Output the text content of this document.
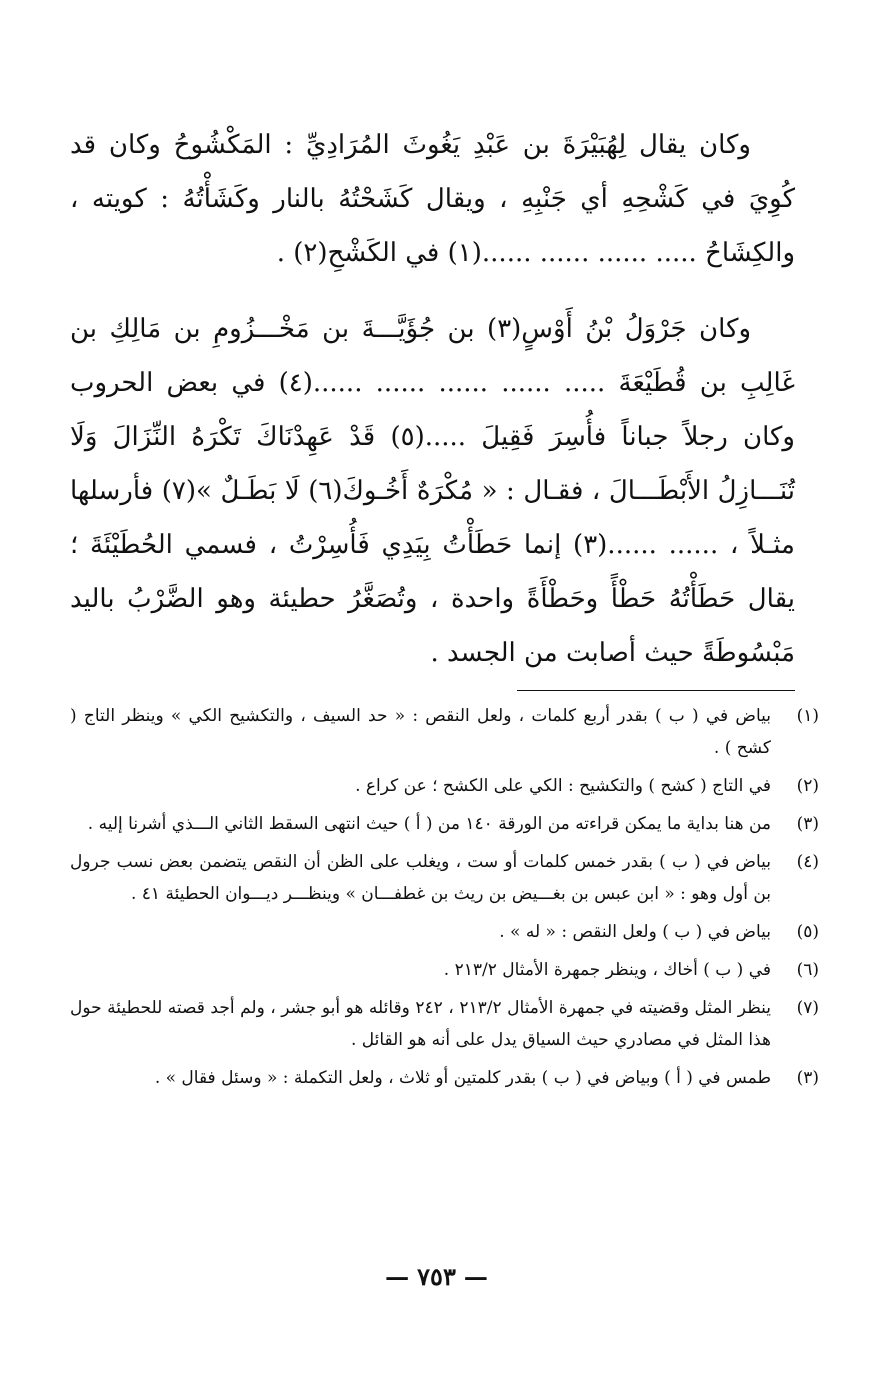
وكان يقال لِهُبَيْرَةَ بن عَبْدِ يَغُوثَ المُرَادِيِّ : المَكْشُوحُ وكان قد كُوِيَ في كَشْحِهِ أي جَنْبِهِ ، ويقال كَشَحْتُهُ بالنار وكَشَأْتُهُ : كويته ، والكِشَاحُ ..... ...... ...... ......(١) في الكَشْحِ(٢) .

وكان جَرْوَلُ بْنُ أَوْسٍ(٣) بن جُؤَيَّـــةَ بن مَخْـــزُومِ بن مَالِكِ بن غَالِبِ بن قُطَيْعَةَ ..... ...... ...... ...... ......(٤) في بعض الحروب وكان رجلاً جباناً فأُسِرَ فَقِيلَ .....(٥) قَدْ عَهِدْنَاكَ تَكْرَهُ النِّزَالَ وَلَا تُنَـــازِلُ الأَبْطَـــالَ ، فقـال : « مُكْرَهٌ أَخُـوكَ(٦) لَا بَطَـلٌ »(٧) فأرسلها مثـلاً ، ...... ......(٣) إنما حَطَأْتُ بِيَدِي فَأُسِرْتُ ، فسمي الحُطَيْئَةَ ؛ يقال حَطَأْتُهُ حَطْأً وحَطْأَةً واحدة ، وتُصَغَّرُ حطيئة وهو الضَّرْبُ باليد مَبْسُوطَةً حيث أصابت من الجسد .

(١)
بياض في ( ب ) بقدر أربع كلمات ، ولعل النقص : « حد السيف ، والتكشيح الكي » وينظر التاج ( كشح ) .
(٢)
في التاج ( كشح ) والتكشيح : الكي على الكشح ؛ عن كراع .
(٣)
من هنا بداية ما يمكن قراءته من الورقة ١٤٠ من ( أ ) حيث انتهى السقط الثاني الـــذي أشرنا إليه .
(٤)
بياض في ( ب ) بقدر خمس كلمات أو ست ، ويغلب على الظن أن النقص يتضمن بعض نسب جرول بن أول وهو : « ابن عبس بن بغـــيض بن ريث بن غطفـــان » وينظـــر ديـــوان الحطيئة ٤١ .
(٥)
بياض في ( ب ) ولعل النقص : « له » .
(٦)
في ( ب ) أخاك ، وينظر جمهرة الأمثال ٢١٣/٢ .
(٧)
ينظر المثل وقضيته في جمهرة الأمثال ٢١٣/٢ ، ٢٤٢ وقائله هو أبو جشر ، ولم أجد قصته للحطيئة حول هذا المثل في مصادري حيث السياق يدل على أنه هو القائل .
(٣)
طمس في ( أ ) وبياض في ( ب ) بقدر كلمتين أو ثلاث ، ولعل التكملة : « وسئل فقال » .
—٧٥٣—
